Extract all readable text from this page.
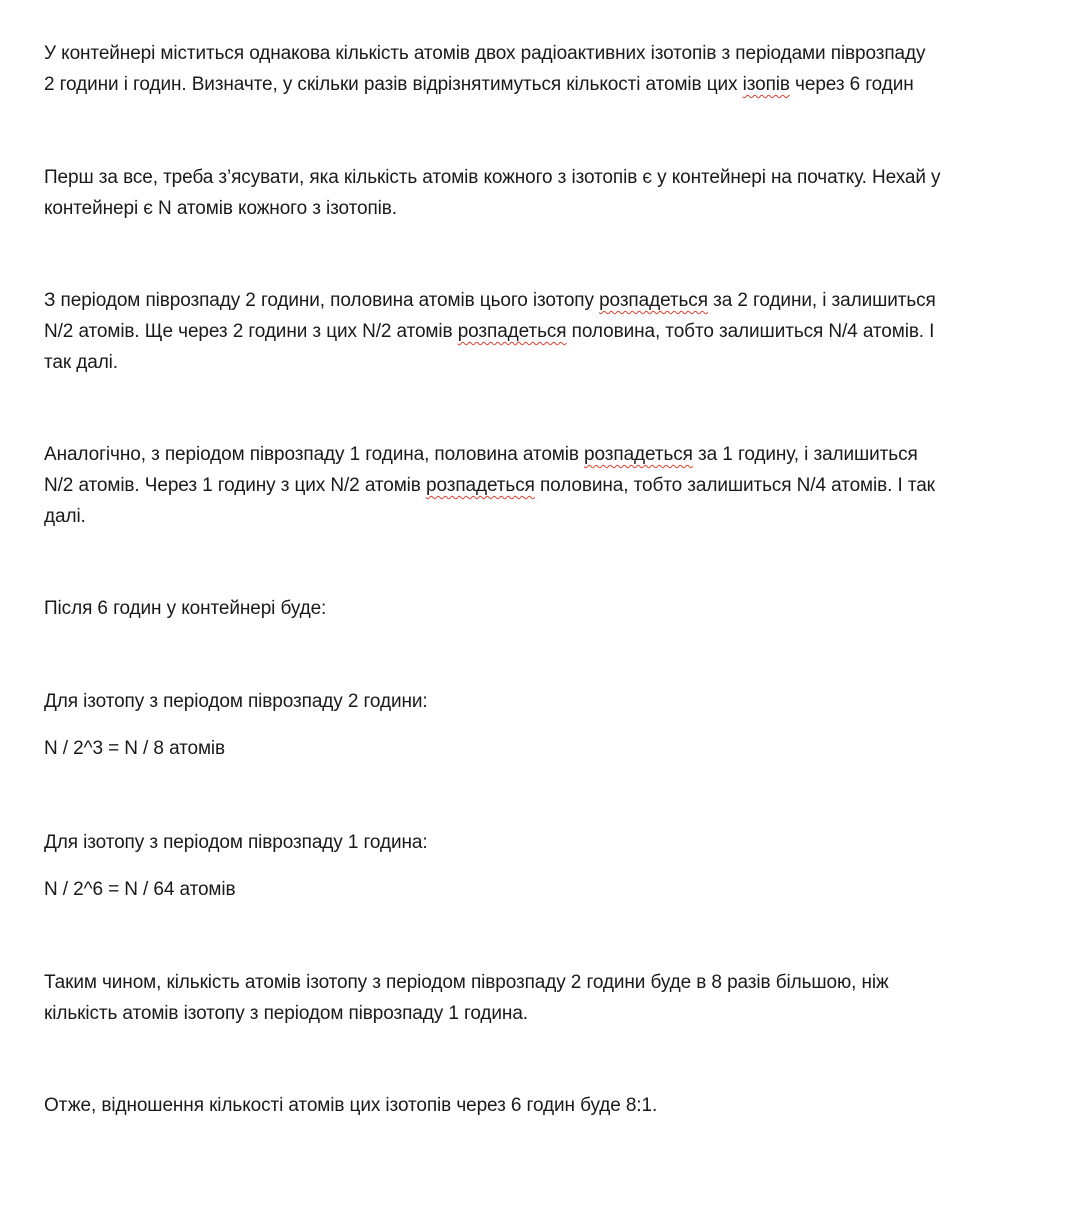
У контейнері міститься однакова кількість атомів двох радіоактивних ізотопів з періодами піврозпаду
2 години і годин. Визначте, у скільки разів відрізнятимуться кількості атомів цих ізопів через 6 годин

Перш за все, треба з’ясувати, яка кількість атомів кожного з ізотопів є у контейнері на початку. Нехай у
контейнері є N атомів кожного з ізотопів.

З періодом піврозпаду 2 години, половина атомів цього ізотопу розпадеться за 2 години, і залишиться
N/2 атомів. Ще через 2 години з цих N/2 атомів розпадеться половина, тобто залишиться N/4 атомів. І
так далі.

Аналогічно, з періодом піврозпаду 1 година, половина атомів розпадеться за 1 годину, і залишиться
N/2 атомів. Через 1 годину з цих N/2 атомів розпадеться половина, тобто залишиться N/4 атомів. І так
далі.

Після 6 годин у контейнері буде:

Для ізотопу з періодом піврозпаду 2 години:

N / 2^3 = N / 8 атомів

Для ізотопу з періодом піврозпаду 1 година:

N / 2^6 = N / 64 атомів

Таким чином, кількість атомів ізотопу з періодом піврозпаду 2 години буде в 8 разів більшою, ніж
кількість атомів ізотопу з періодом піврозпаду 1 година.

Отже, відношення кількості атомів цих ізотопів через 6 годин буде 8:1.
